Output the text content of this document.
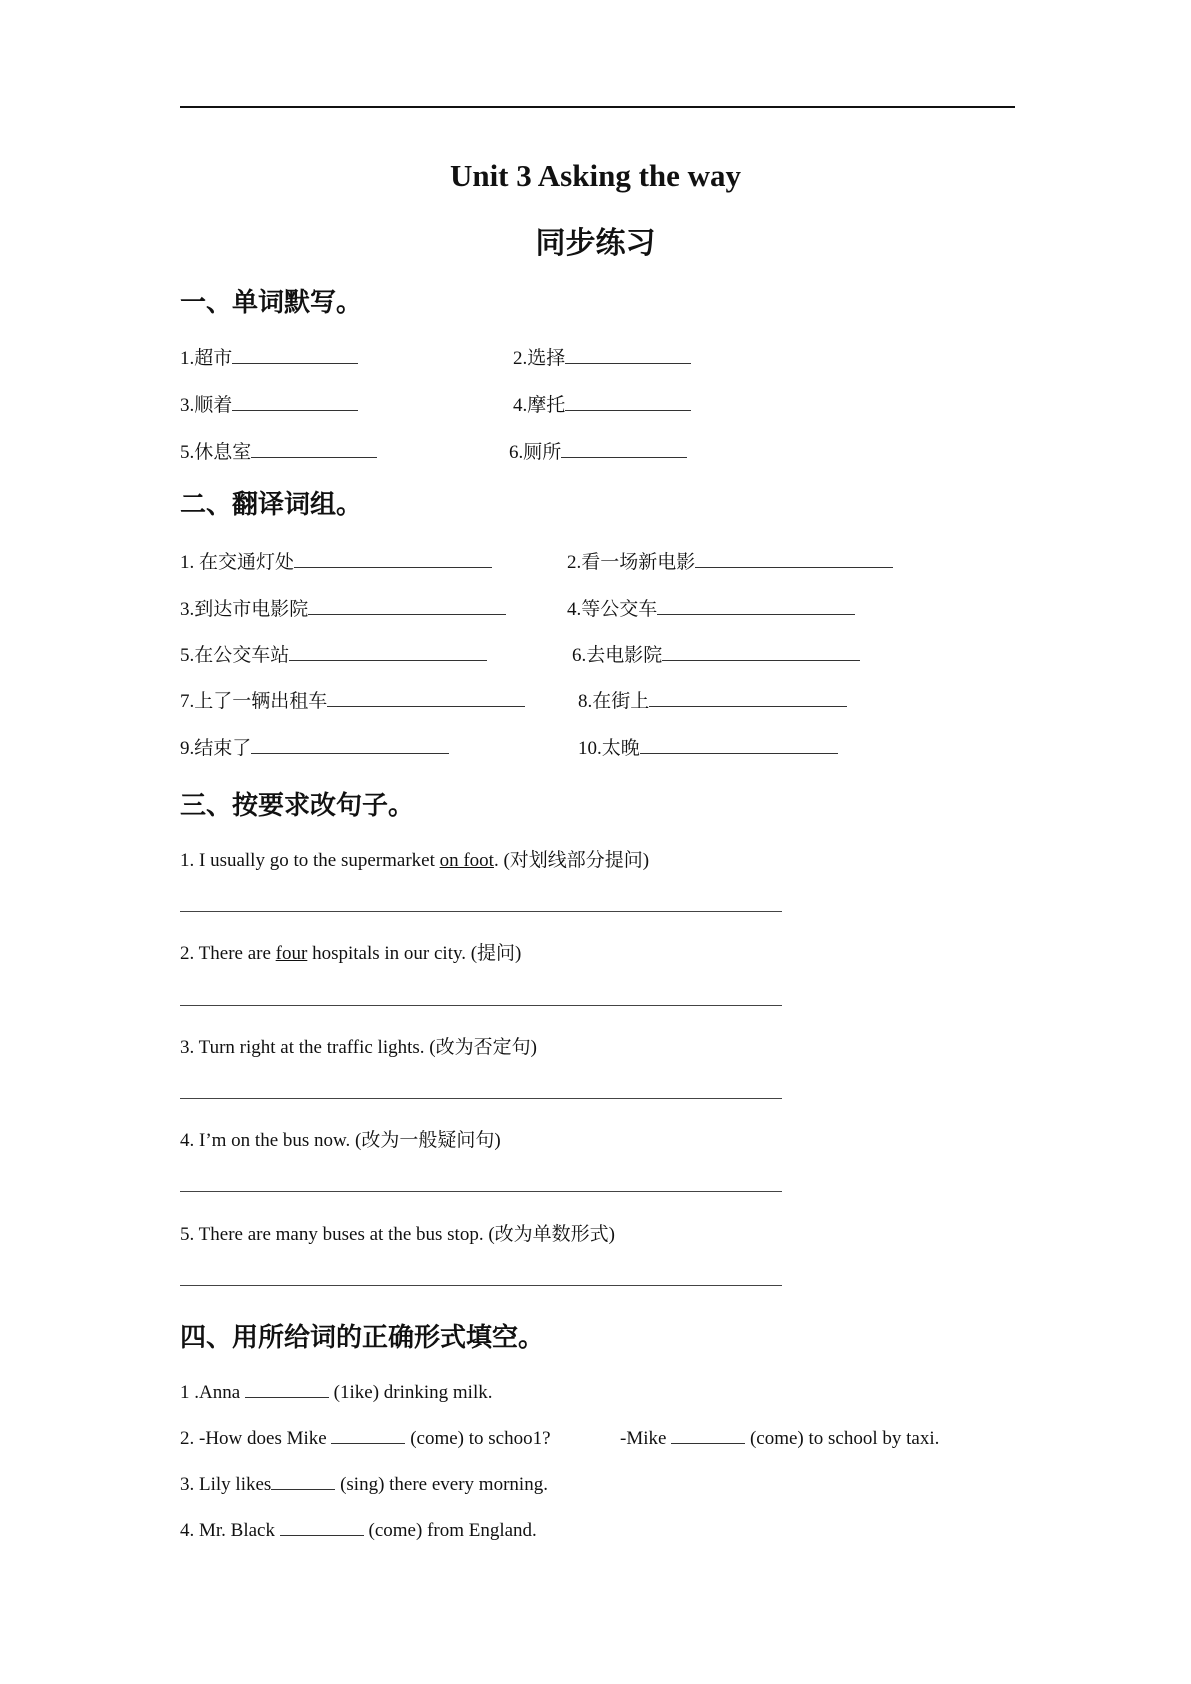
Unit 3 Asking the way
同步练习
一、单词默写。
1.超市	2.选择
3.顺着	4.摩托
5.休息室	6.厕所
二、翻译词组。
1. 在交通灯处	2.看一场新电影
3.到达市电影院	4.等公交车
5.在公交车站	6.去电影院
7.上了一辆出租车	8.在街上
9.结束了	10.太晚
三、按要求改句子。
1. I usually go to the supermarket on foot. (对划线部分提问)
2. There are four hospitals in our city. (提问)
3. Turn right at the traffic lights. (改为否定句)
4. I’m on the bus now. (改为一般疑问句)
5. There are many buses at the bus stop. (改为单数形式)
四、用所给词的正确形式填空。
1 .Anna	(1ike) drinking milk.
2. -How does Mike	(come) to schoo1?	-Mike	(come) to school by taxi.
3. Lily likes	(sing) there every morning.
4. Mr. Black	(come) from England.
